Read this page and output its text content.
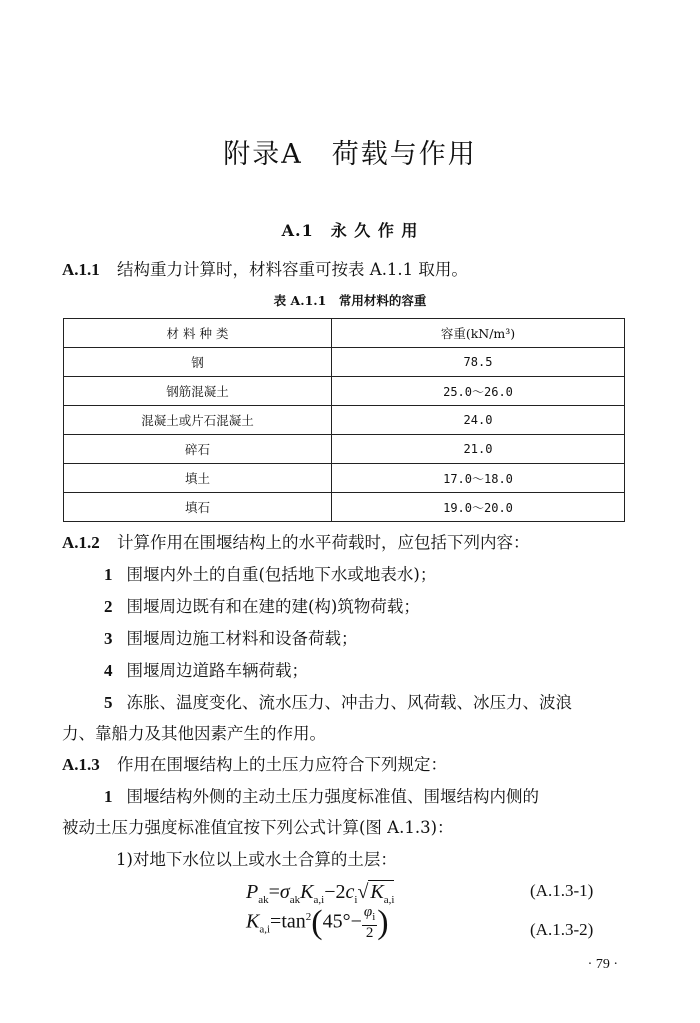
附录A　荷载与作用
A.1　永 久 作 用
A.1.1 结构重力计算时，材料容重可按表 A.1.1 取用。
表 A.1.1　常用材料的容重
材 料 种 类	容重(kN/m³)
钢	78.5
钢筋混凝土	25.0～26.0
混凝土或片石混凝土	24.0
碎石	21.0
填土	17.0～18.0
填石	19.0～20.0
A.1.2 计算作用在围堰结构上的水平荷载时，应包括下列内容：
1 围堰内外土的自重(包括地下水或地表水)；
2 围堰周边既有和在建的建(构)筑物荷载；
3 围堰周边施工材料和设备荷载；
4 围堰周边道路车辆荷载；
5 冻胀、温度变化、流水压力、冲击力、风荷载、冰压力、波浪
力、靠船力及其他因素产生的作用。
A.1.3 作用在围堰结构上的土压力应符合下列规定：
1 围堰结构外侧的主动土压力强度标准值、围堰结构内侧的
被动土压力强度标准值宜按下列公式计算(图 A.1.3)：
1)对地下水位以上或水土合算的土层：
$P_{ak}=\sigma_{ak}K_{a,i}-2c_i√$ $K_{a,i}$	(A.1.3-1)
$K_{a,i}=\tan^2(45^\circ- \frac{\varphi_i}{2}$ )	(A.1.3-2)
· 79 ·
